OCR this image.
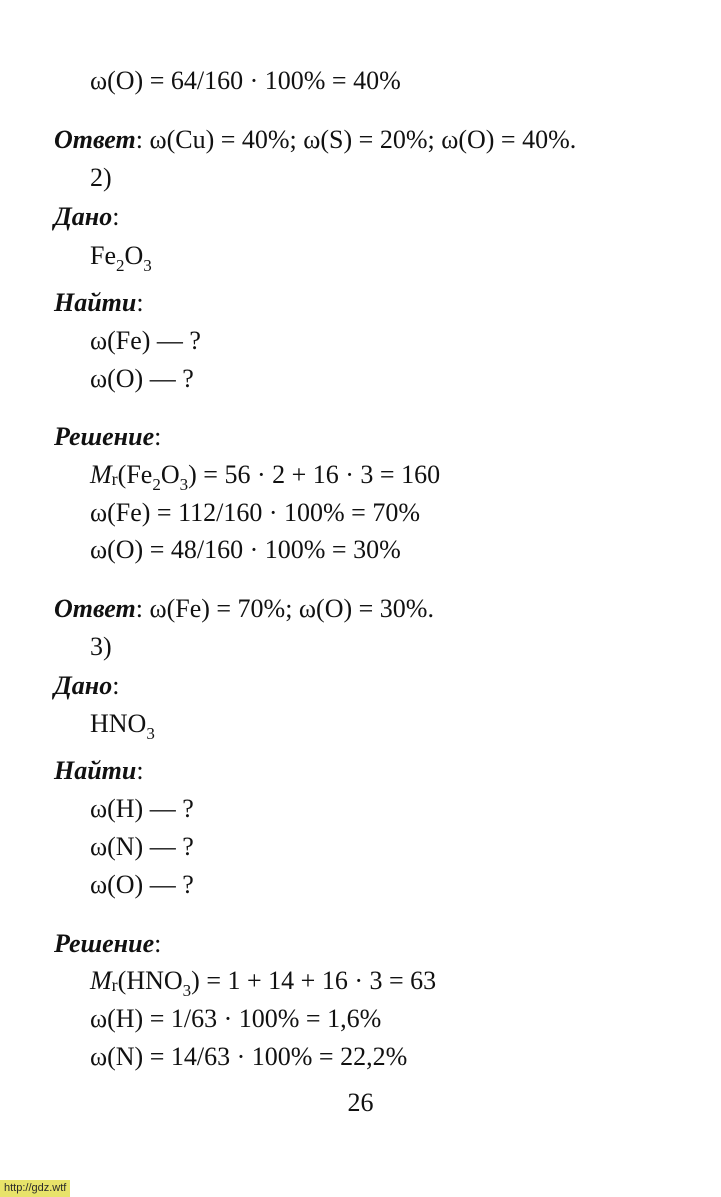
ω(O) = 64/160 · 100% = 40%
Ответ: ω(Cu) = 40%; ω(S) = 20%; ω(O) = 40%.
2)
Дано:
$Fe_2O_3$
Найти:
ω(Fe) — ?
ω(O) — ?
Решение:
$Mr(Fe_2O_3) = 56 \cdot 2 + 16 \cdot 3 = 160$
ω(Fe) = 112/160 · 100% = 70%
ω(O) = 48/160 · 100% = 30%
Ответ: ω(Fe) = 70%; ω(O) = 30%.
3)
Дано:
$HNO_3$
Найти:
ω(H) — ?
ω(N) — ?
ω(O) — ?
Решение:
$Mr(HNO_3) = 1 + 14 + 16 \cdot 3 = 63$
ω(H) = 1/63 · 100% = 1,6%
ω(N) = 14/63 · 100% = 22,2%
26
http://gdz.wtf
